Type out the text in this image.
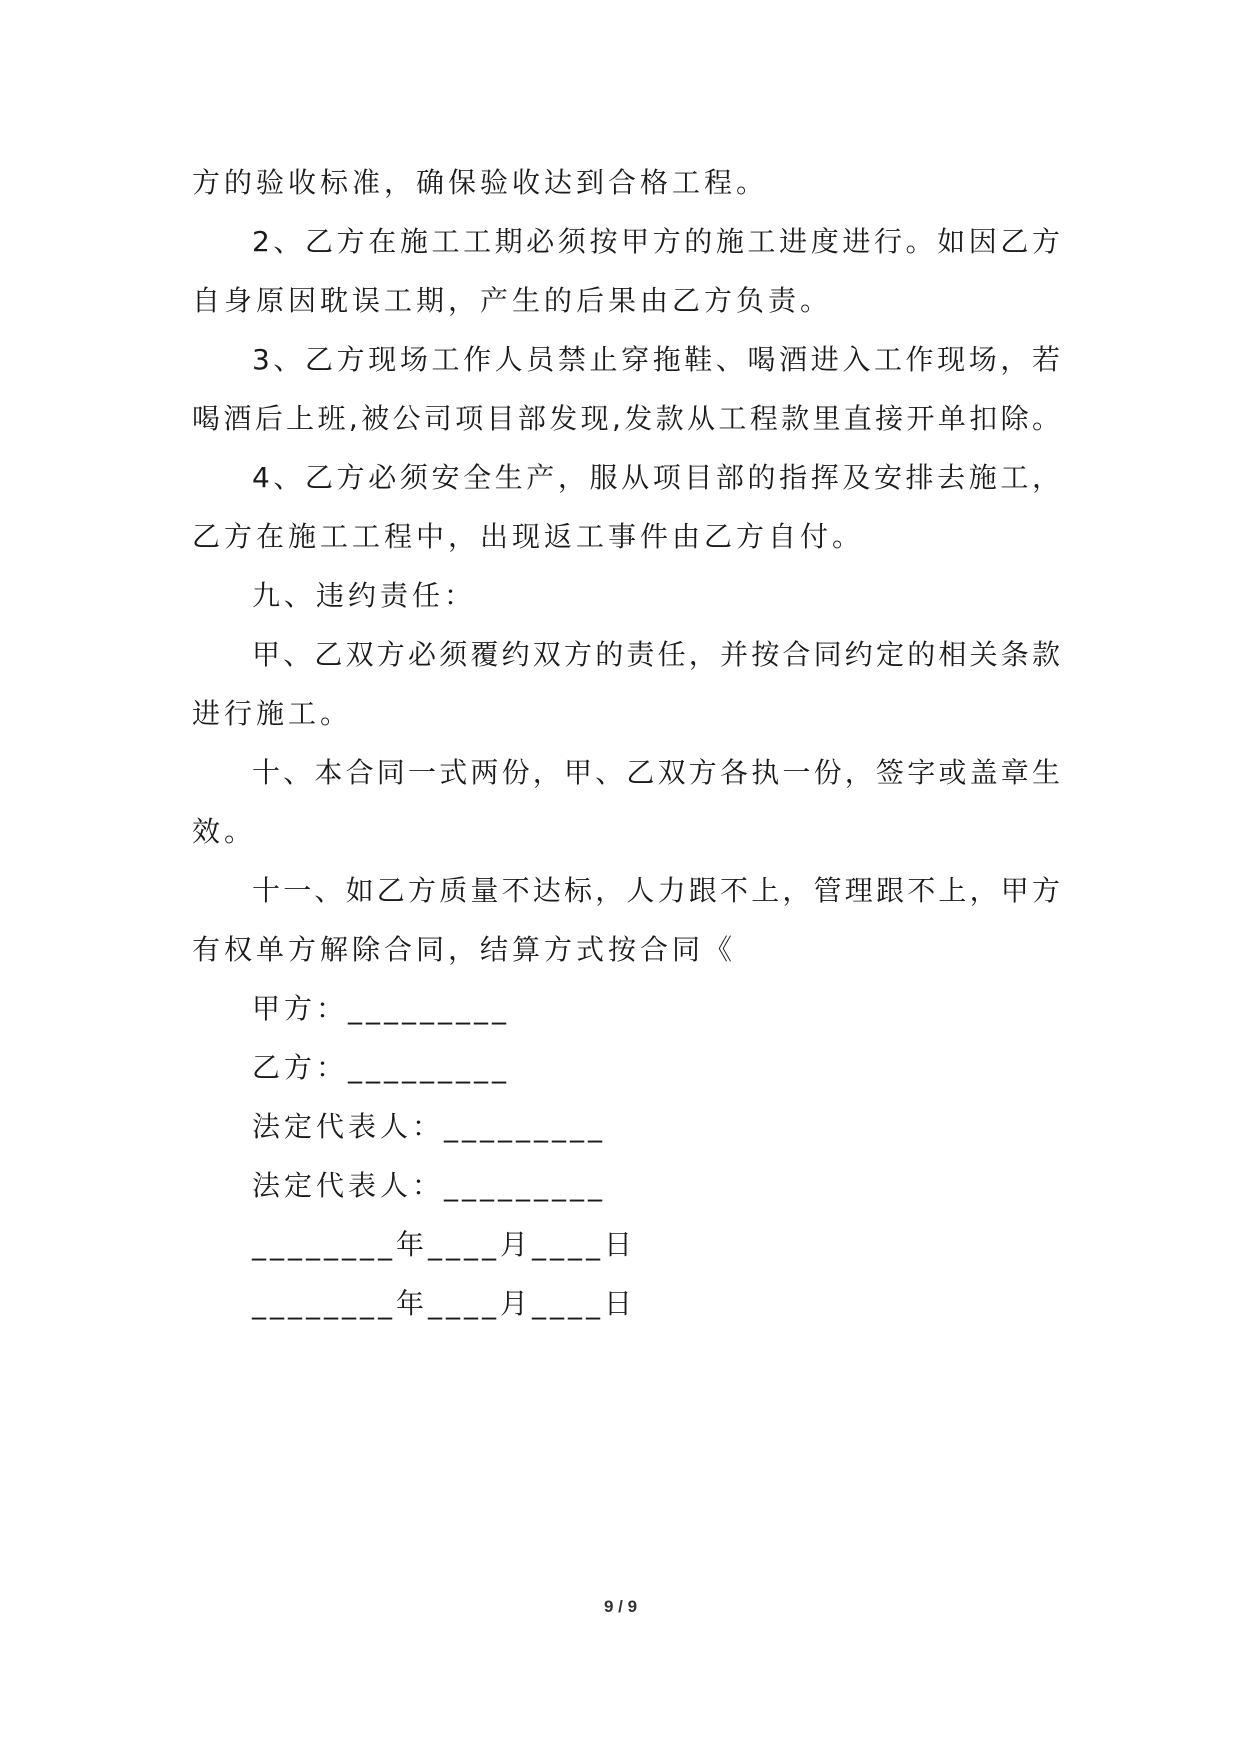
方的验收标准，确保验收达到合格工程。
2、乙方在施工工期必须按甲方的施工进度进行。如因乙方
自身原因耽误工期，产生的后果由乙方负责。
3、乙方现场工作人员禁止穿拖鞋、喝酒进入工作现场，若
喝酒后上班,被公司项目部发现,发款从工程款里直接开单扣除。
4、乙方必须安全生产，服从项目部的指挥及安排去施工，
乙方在施工工程中，出现返工事件由乙方自付。
九、违约责任：
甲、乙双方必须覆约双方的责任，并按合同约定的相关条款
进行施工。
十、本合同一式两份，甲、乙双方各执一份，签字或盖章生
效。
十一、如乙方质量不达标，人力跟不上，管理跟不上，甲方
有权单方解除合同，结算方式按合同《
甲方：_________
乙方：_________
法定代表人：_________
法定代表人：_________
________年____月____日
________年____月____日
9 / 9
